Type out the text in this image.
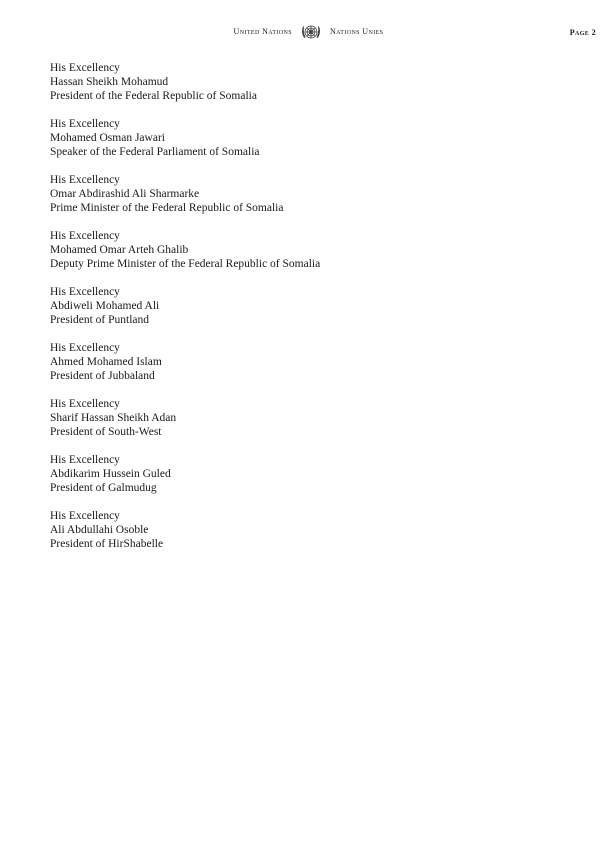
United Nations	Nations Unies	Page 2
His Excellency
Hassan Sheikh Mohamud
President of the Federal Republic of Somalia
His Excellency
Mohamed Osman Jawari
Speaker of the Federal Parliament of Somalia
His Excellency
Omar Abdirashid Ali Sharmarke
Prime Minister of the Federal Republic of Somalia
His Excellency
Mohamed Omar Arteh Ghalib
Deputy Prime Minister of the Federal Republic of Somalia
His Excellency
Abdiweli Mohamed Ali
President of Puntland
His Excellency
Ahmed Mohamed Islam
President of Jubbaland
His Excellency
Sharif Hassan Sheikh Adan
President of South-West
His Excellency
Abdikarim Hussein Guled
President of Galmudug
His Excellency
Ali Abdullahi Osoble
President of HirShabelle
